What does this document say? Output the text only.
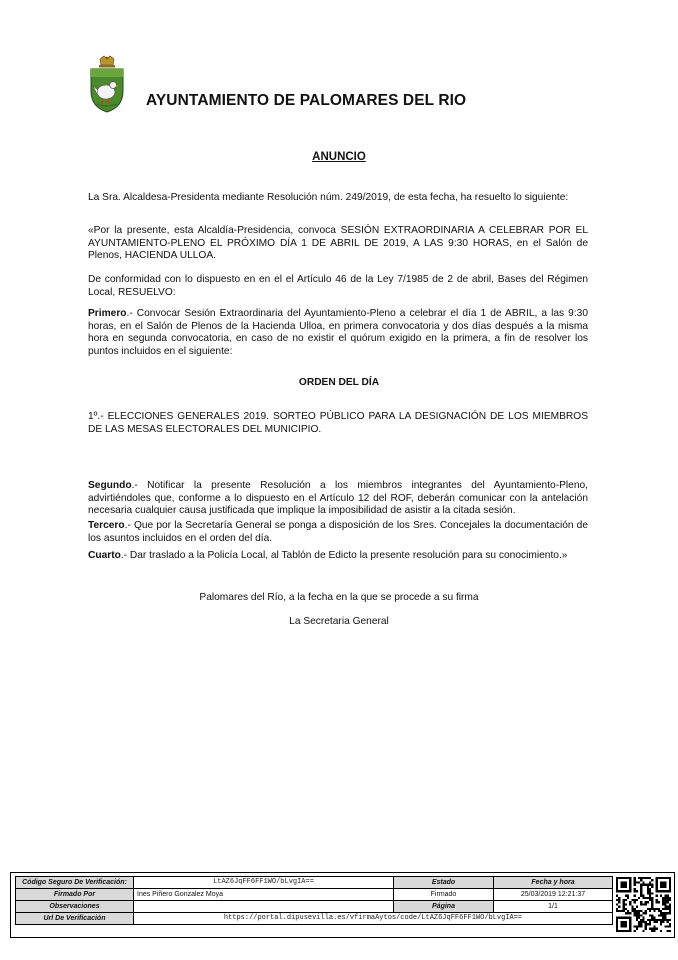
AYUNTAMIENTO DE PALOMARES DEL RIO
ANUNCIO
La Sra. Alcaldesa-Presidenta mediante Resolución núm. 249/2019, de esta fecha, ha resuelto lo siguiente:
«Por la presente, esta Alcaldía-Presidencia, convoca SESIÓN EXTRAORDINARIA A CELEBRAR POR EL AYUNTAMIENTO-PLENO EL PRÓXIMO DÍA 1 DE ABRIL DE 2019, A LAS 9:30 HORAS, en el Salón de Plenos, HACIENDA ULLOA.
De conformidad con lo dispuesto en en el el Artículo 46 de la Ley 7/1985 de 2 de abril, Bases del Régimen Local, RESUELVO:
Primero.- Convocar Sesión Extraordinaria del Ayuntamiento-Pleno a celebrar el día 1 de ABRIL, a las 9:30 horas, en el Salón de Plenos de la Hacienda Ulloa, en primera convocatoria y dos días después a la misma hora en segunda convocatoria, en caso de no existir el quórum exigido en la primera, a fin de resolver los puntos incluidos en el siguiente:
ORDEN DEL DÍA
1º.- ELECCIONES GENERALES 2019. SORTEO PÚBLICO PARA LA DESIGNACIÓN DE LOS MIEMBROS DE LAS MESAS ELECTORALES DEL MUNICIPIO.
Segundo.- Notificar la presente Resolución a los miembros integrantes del Ayuntamiento-Pleno, advirtiéndoles que, conforme a lo dispuesto en el Artículo 12 del ROF, deberán comunicar con la antelación necesaria cualquier causa justificada que implique la imposibilidad de asistir a la citada sesión.
Tercero.- Que por la Secretaría General se ponga a disposición de los Sres. Concejales la documentación de los asuntos incluidos en el orden del día.
Cuarto.- Dar traslado a la Policía Local, al Tablón de Edicto la presente resolución para su conocimiento.»
Palomares del Río, a la fecha en la que se procede a su firma
La Secretaria General
Código Seguro De Verificación:	LtAZ6JqFF6FF1WO/bLvgIA==	Estado	Fecha y hora
Firmado Por	Ines Piñero Gonzalez Moya	Firmado	25/03/2019 12:21:37
Observaciones		Página	1/1
Url De Verificación	https://portal.dipusevilla.es/vfirmaAytos/code/LtAZ6JqFF6FF1WO/bLvgIA==		
